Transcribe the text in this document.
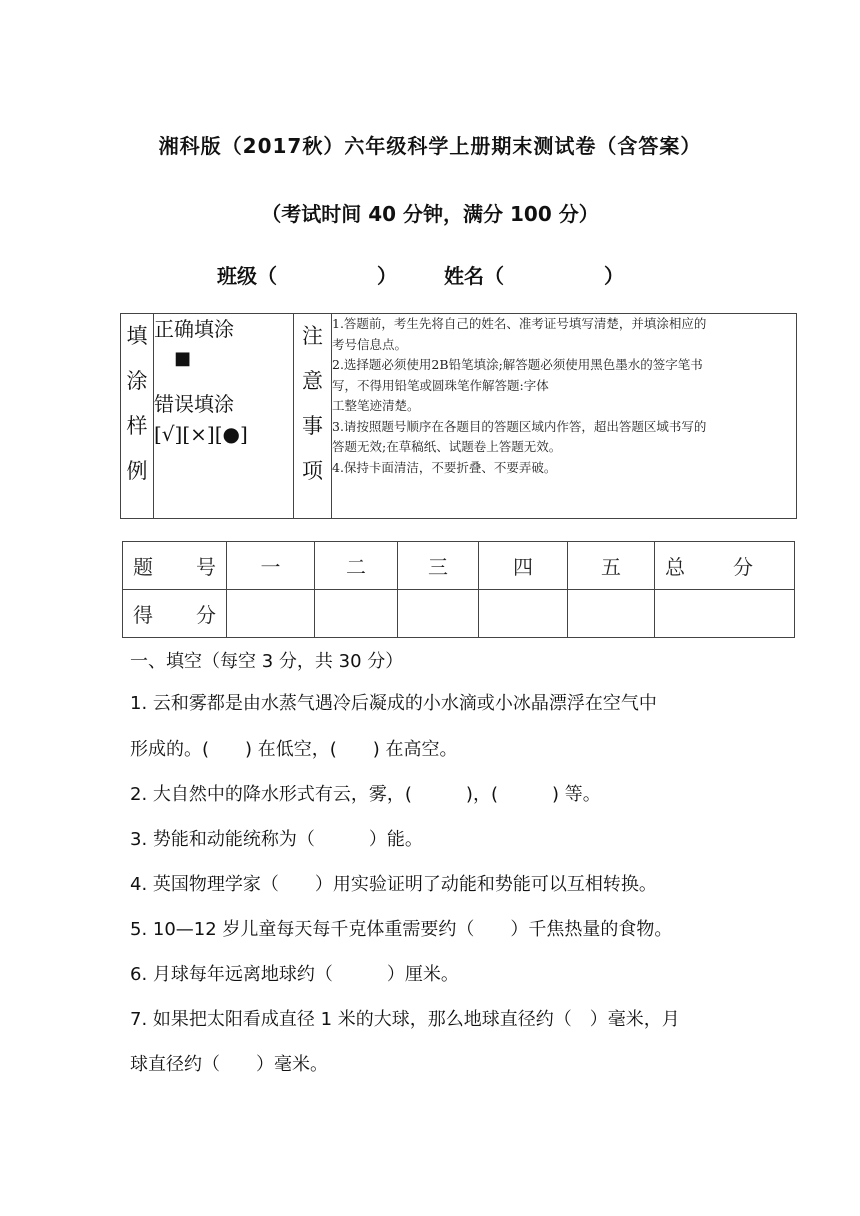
湘科版（2017秋）六年级科学上册期末测试卷（含答案）
（考试时间 40 分钟，满分 100 分）
班级（　　　　　） 姓名（　　　　　）
填
涂
样
例

正确填涂
■
错误填涂
[√][×][●]

注
意
事
项

1.答题前，考生先将自己的姓名、准考证号填写清楚，并填涂相应的
考号信息点。
2.选择题必须使用2B铅笔填涂;解答题必须使用黑色墨水的签字笔书
写，不得用铅笔或圆珠笔作解答题:字体
工整笔迹清楚。
3.请按照题号顺序在各题目的答题区域内作答，超出答题区域书写的
答题无效;在草稿纸、试题卷上答题无效。
4.保持卡面清洁，不要折叠、不要弄破。
题 号	一	二	三	四	五	总 分

得 分						

一、填空（每空 3 分，共 30 分）
1. 云和雾都是由水蒸气遇冷后凝成的小水滴或小冰晶漂浮在空气中
形成的。(　　) 在低空，(　　) 在高空。
2. 大自然中的降水形式有云，雾，(　　　)，(　　　) 等。
3. 势能和动能统称为（　　　）能。
4. 英国物理学家（　　）用实验证明了动能和势能可以互相转换。
5. 10—12 岁儿童每天每千克体重需要约（　　）千焦热量的食物。
6. 月球每年远离地球约（　　　）厘米。
7. 如果把太阳看成直径 1 米的大球，那么地球直径约（　）毫米，月
球直径约（　　）毫米。
